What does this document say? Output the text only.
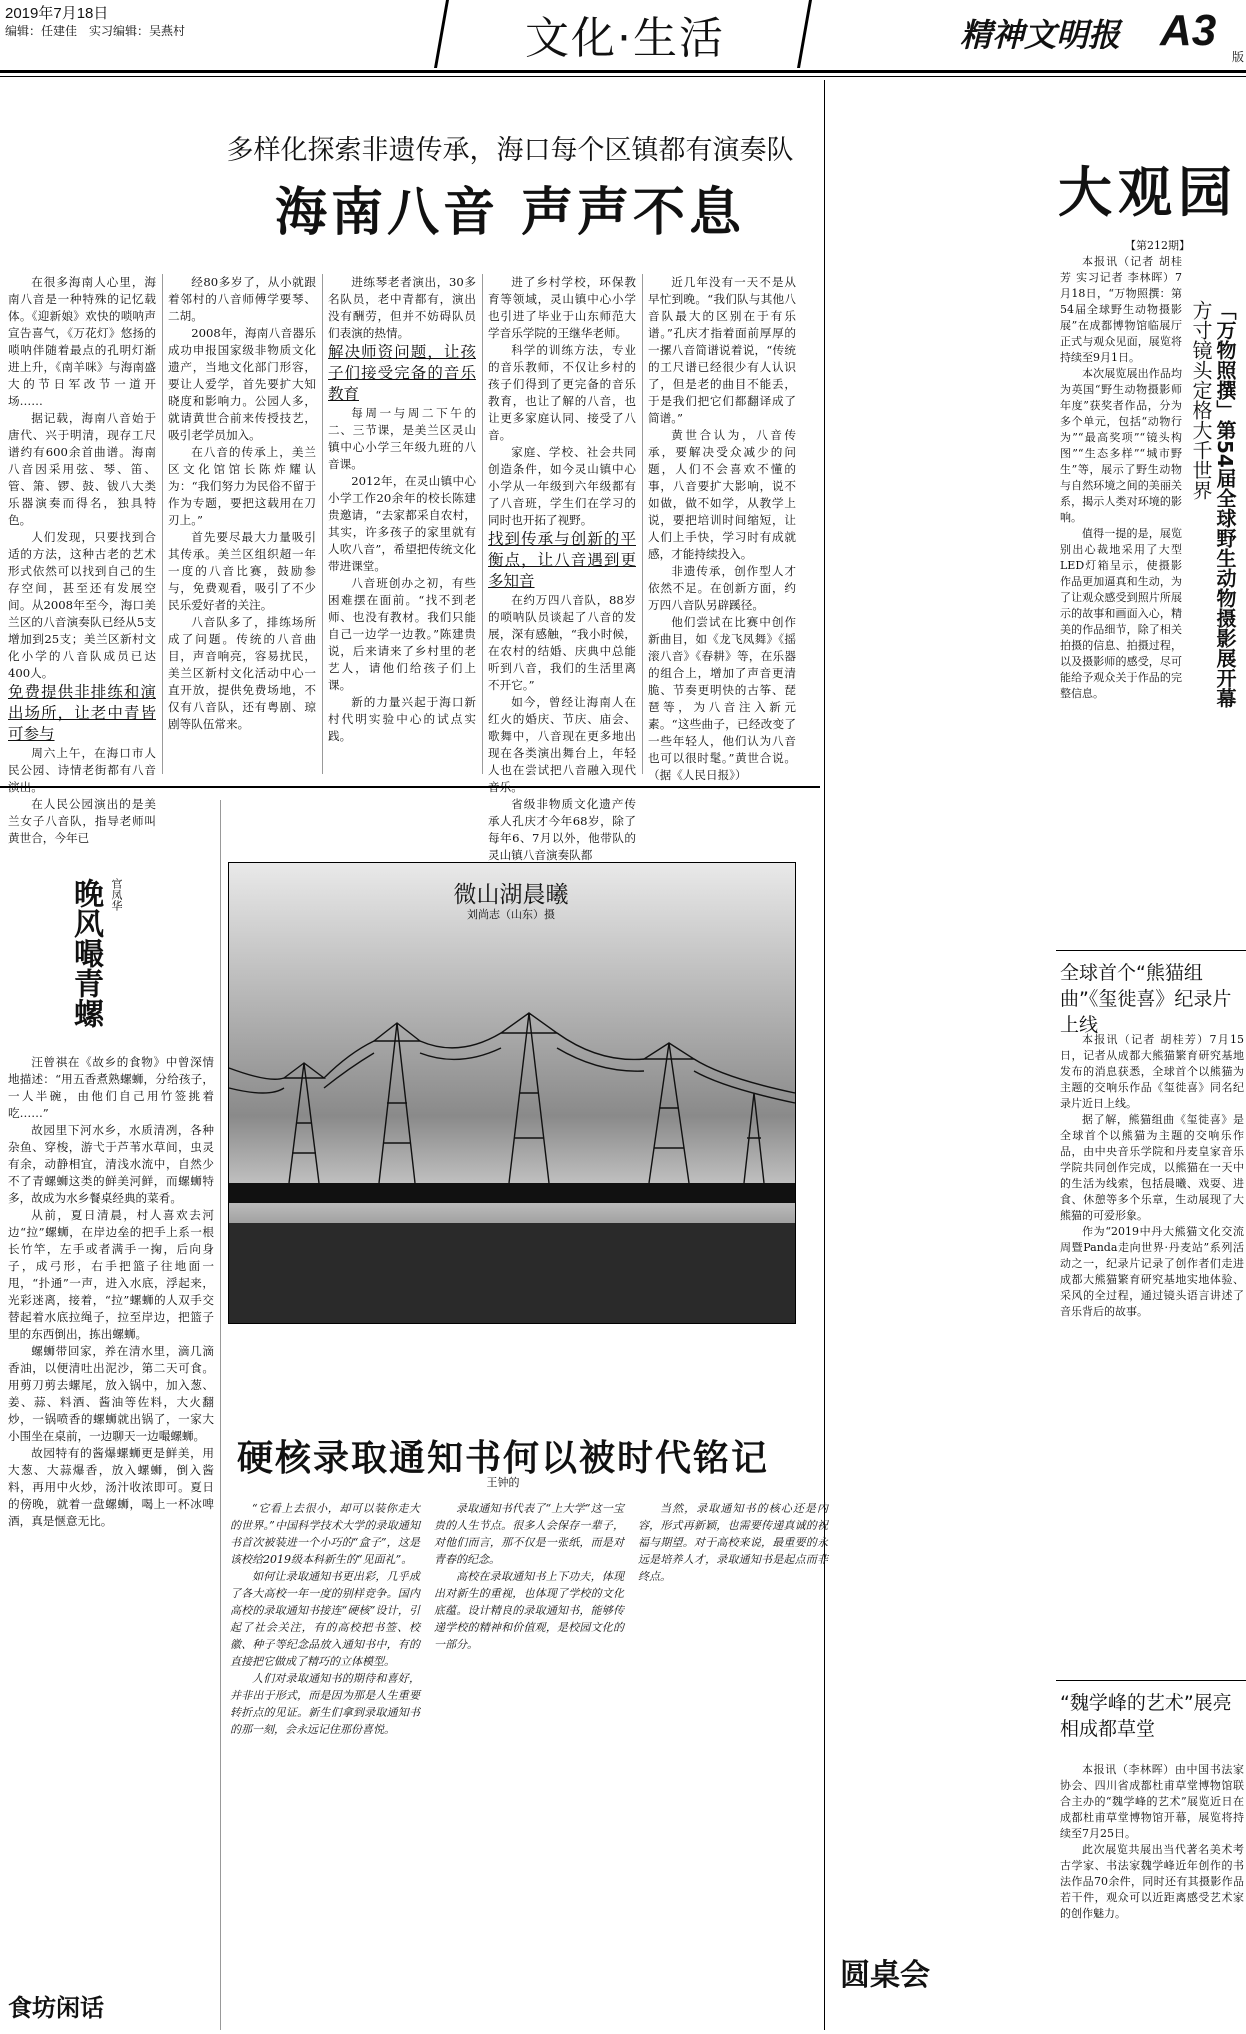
2019年7月18日
编辑：任建佳　实习编辑：吴燕村	文化·生活	精神文明报 A3
版
多样化探索非遗传承，海口每个区镇都有演奏队
海南八音 声声不息

在很多海南人心里，海南八音是一种特殊的记忆载体。《迎新娘》欢快的唢呐声宣告喜气，《万花灯》悠扬的唢呐伴随着最点的孔明灯渐进上升，《南羊咪》与海南盛大的节日军改节一道开场……

据记载，海南八音始于唐代、兴于明清，现存工尺谱约有600余首曲谱。海南八音因采用弦、琴、笛、管、箫、锣、鼓、钹八大类乐器演奏而得名，独具特色。

人们发现，只要找到合适的方法，这种古老的艺术形式依然可以找到自己的生存空间，甚至还有发展空间。从2008年至今，海口美兰区的八音演奏队已经从5支增加到25支；美兰区新村文化小学的八音队成员已达400人。

免费提供非排练和演出场所，让老中青皆可参与

周六上午，在海口市人民公园、诗情老街都有八音

在人民公园演出的是美兰女子八音队，指导老师叫黄世合，今年已

经80多岁了，从小就跟着邻村的八音师傅学要琴、二胡。

2008年，海南八音器乐成功申报国家级非物质文化遗产，当地文化部门形容，要让人爱学，首先要扩大知晓度和影响力。公园人多，就请黄世合前来传授技艺，吸引老学员加入。

在八音的传承上，美兰区文化馆馆长陈炸耀认为：“我们努力为民俗不留于作为专题，要把这载用在刀刃上。”

首先要尽最大力量吸引其传承。美兰区组织超一年一度的八音比赛，鼓励参与，免费观看，吸引了不少民乐爱好者的关注。

八音队多了，排练场所成了问题。传统的八音曲目，声音响亮，容易扰民，美兰区新村文化活动中心一直开放，提供免费场地，不仅有八音队，还有粤剧、琼剧等队伍常来。

进练琴老者演出，30多名队员，老中青都有，演出没有酬劳，但并不妨碍队员们表演的热情。

解决师资问题，让孩子们接受完备的音乐教育

每周一与周二下午的二、三节课，是美兰区灵山镇中心小学三年级九班的八音课。

2012年，在灵山镇中心小学工作20余年的校长陈建贵邀请，“去家都采自农村，其实，许多孩子的家里就有人吹八音”，希望把传统文化带进课堂。

八音班创办之初，有些困难摆在面前。“找不到老师、也没有教材。我们只能自己一边学一边教。”陈建贵说，后来请来了乡村里的老艺人，请他们给孩子们上课。

新的力量兴起于海口新村代明实验中心的试点实践。

进了乡村学校，环保教育等领域，灵山镇中心小学也引进了毕业于山东师范大学音乐学院的王继华老师。

科学的训练方法，专业的音乐教师，不仅让乡村的孩子们得到了更完备的音乐教育，也让了解的八音，也让更多家庭认同、接受了八音。

家庭、学校、社会共同创造条件，如今灵山镇中心小学从一年级到六年级都有了八音班，学生们在学习的同时也开拓了视野。

找到传承与创新的平衡点，让八音遇到更多知音

在约万四八音队，88岁的唢呐队员谈起了八音的发展，深有感触，“我小时候，在农村的结婚、庆典中总能听到八音，我们的生活里离不开它。”

如今，曾经让海南人在红火的婚庆、节庆、庙会、歌舞中，八音现在更多地出现在各类演出舞台上，年轻人也在尝试把八音融入现代

省级非物质文化遗产传承人孔庆才今年68岁，除了每年6、7月以外，他带队的灵山镇八音演奏队都

近几年没有一天不是从早忙到晚。“我们队与其他八音队最大的区别在于有乐谱。”孔庆才指着面前厚厚的一摞八音简谱说着说，“传统的工尺谱已经很少有人认识了，但是老的曲目不能丢，于是我们把它们都翻译成了简谱。”

黄世合认为，八音传承，要解决受众减少的问题，人们不会喜欢不懂的事，八音要扩大影响，说不如做，做不如学，从教学上说，要把培训时间缩短，让人们上手快，学习时有成就感，才能持续投入。

非遗传承，创作型人才依然不足。在创新方面，约万四八音队另辟蹊径。

他们尝试在比赛中创作新曲目，如《龙飞凤舞》《摇滚八音》《春耕》等，在乐器的组合上，增加了声音更清脆、节奏更明快的古筝、琵琶等，为八音注入新元素。“这些曲子，已经改变了一些年轻人，他们认为八音也可以很时髦。”黄世合说。（据《人民日报》）

大观园
【第212期】
方寸镜头定格大千世界 「万物照撰」第54届全球野生动物摄影展开幕

本报讯（记者 胡桂芳 实习记者 李林晖）7月18日，“万物照撰：第54届全球野生动物摄影展”在成都博物馆临展厅正式与观众见面，展览将持续至9月1日。

本次展览展出作品均为英国“野生动物摄影师年度”获奖者作品，分为多个单元，包括“动物行为”“最高奖项”“镜头构图”“生态多样”“城市野生”等，展示了野生动物与自然环境之间的美丽关系，揭示人类对环境的影响。

值得一提的是，展览别出心裁地采用了大型LED灯箱呈示，使摄影作品更加逼真和生动，为了让观众感受到照片所展示的故事和画面入心，精美的作品细节，除了相关拍摄的信息、拍摄过程，以及摄影师的感受，尽可能给予观众关于作品的完整信息。

全球首个“熊猫组曲”《玺徙喜》纪录片上线

本报讯（记者 胡桂芳）7月15日，记者从成都大熊猫繁育研究基地发布的消息获悉，全球首个以熊猫为主题的交响乐作品《玺徙喜》同名纪录片近日上线。

据了解，熊猫组曲《玺徙喜》是全球首个以熊猫为主题的交响乐作品，由中央音乐学院和丹麦皇家音乐学院共同创作完成，以熊猫在一天中的生活为线索，包括晨曦、戏耍、进食、休憩等多个乐章，生动展现了大熊猫的可爱形象。

作为“2019中丹大熊猫文化交流周暨Panda走向世界·丹麦站”系列活动之一，纪录片记录了创作者们走进成都大熊猫繁育研究基地实地体验、采风的全过程，通过镜头语言讲述了音乐背后的故事。

“魏学峰的艺术”展亮相成都草堂

本报讯（李林晖）由中国书法家协会、四川省成都杜甫草堂博物馆联合主办的“魏学峰的艺术”展览近日在成都杜甫草堂博物馆开幕，展览将持续至7月25日。

此次展览共展出当代著名美术考古学家、书法家魏学峰近年创作的书法作品70余件，同时还有其摄影作品若干件，观众可以近距离感受艺术家的创作魅力。

晚风嘬青螺 官凤华

汪曾祺在《故乡的食物》中曾深情地描述：“用五香煮熟螺蛳，分给孩子，一人半碗，由他们自己用竹签挑着吃……”

故园里下河水乡，水质清冽，各种杂鱼、穿梭，游弋于芦苇水草间，虫灵有余，动静相宜，清浅水流中，自然少不了青螺蛳这类的鲜美河鲜，而螺蛳特多，故成为水乡餐桌经典的菜肴。

从前，夏日清晨，村人喜欢去河边“拉”螺蛳，在岸边垒的把手上系一根长竹竿，左手或者满手一掬，后向身子，成弓形，右手把篮子往地面一甩，“扑通”一声，进入水底，浮起来，光彩迷离，接着，“拉”螺蛳的人双手交替起着水底拉绳子，拉至岸边，把篮子里的东西倒出，拣出螺蛳。

螺蛳带回家，养在清水里，滴几滴香油，以便清吐出泥沙，第二天可食。用剪刀剪去螺尾，放入锅中，加入葱、姜、蒜、料酒、酱油等佐料，大火翻炒，一锅喷香的螺蛳就出锅了，一家大小围坐在桌前，一边聊天一边嘬螺蛳。

故园特有的酱爆螺蛳更是鲜美，用大葱、大蒜爆香，放入螺蛳，倒入酱料，再用中火炒，汤汁收浓即可。夏日的傍晚，就着一盘螺蛳，喝上一杯冰啤酒，真是惬意无比。

微山湖晨曦
刘尚志（山东）摄
硬核录取通知书何以被时代铭记
王钟的

“它看上去很小，却可以装你走大的世界。”中国科学技术大学的录取通知书首次被装进一个小巧的“盒子”，这是该校给2019级本科新生的“见面礼”。

如何让录取通知书更出彩，几乎成了各大高校一年一度的别样竞争。国内高校的录取通知书接连“硬核”设计，引起了社会关注，有的高校把书签、校徽、种子等纪念品放入通知书中，有的直接把它做成了精巧的立体模型。

人们对录取通知书的期待和喜好，并非出于形式，而是因为那是人生重要转折点的见证。新生们拿到录取通知书的那一刻，会永远记住那份喜悦。

录取通知书代表了“上大学”这一宝贵的人生节点。很多人会保存一辈子，对他们而言，那不仅是一张纸，而是对青春的纪念。

高校在录取通知书上下功夫，体现出对新生的重视，也体现了学校的文化底蕴。设计精良的录取通知书，能够传递学校的精神和价值观，是校园文化的一部分。

当然，录取通知书的核心还是内容，形式再新颖，也需要传递真诚的祝福与期望。对于高校来说，最重要的永远是培养人才，录取通知书是起点而非终点。

食坊闲话
圆桌会
